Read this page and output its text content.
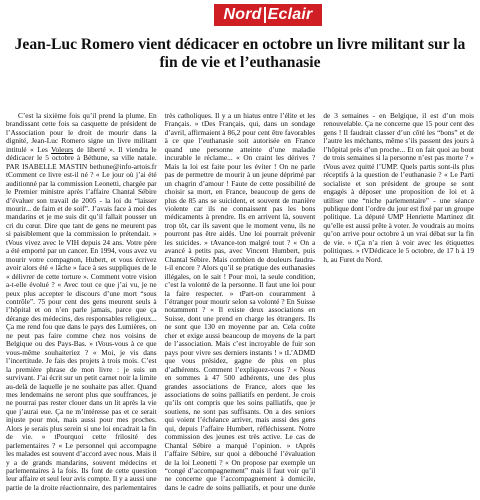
Nord Eclair
Jean-Luc Romero vient dédicacer en octobre un livre militant sur la fin de vie et l’euthanasie

C’est la sixième fois qu’il prend la plume. En brandissant cette fois sa casquette de président de l’Association pour le droit de mourir dans la dignité, Jean-Luc Romero signe un livre militant intitulé « Les Voleurs de liberté ». Il viendra le dédicacer le 5 octobre à Béthune, sa ville natale. PAR ISABELLE MASTIN bethune@info-artois.fr tComment ce livre est-il né ? « Le jour où j’ai été auditionné par la commission Leonetti, chargée par le Premier ministre après l’affaire Chantal Sébire d’évaluer son travail de 2005 - la loi du “laisser mourir... de faim et de soif”. J’avais face à moi des mandarins et je me suis dit qu’il fallait pousser un cri du cœur. Dire que tant de gens ne meurent pas si paisiblement que la commission le prétendait. » tVous vivez avec le VIH depuis 24 ans. Votre père a été emporté par un cancer. En 1994, vous avez vu mourir votre compagnon, Hubert, et vous écrivez avoir alors été « lâche » face à ses suppliques de le « délivrer de cette torture ». Comment votre vision a-t-elle évolué ? « Avec tout ce que j’ai vu, je ne peux plus accepter le discours d’une mort “sous contrôle”. 75 pour cent des gens meurent seuls à l’hôpital et on n’en parle jamais, parce que ça dérange des médecins, des responsables religieux... Ça me rend fou que dans le pays des Lumières, on ne peut pas faire comme chez nos voisins de Belgique ou des Pays-Bas. » tVous-vous à ce que vous-même souhaiteriez ? « Moi, je vis dans l’incertitude. Je fais des projets à trois mois. C’est la première phrase de mon livre : je suis un survivant. J’ai écrit sur un petit carnet noir la limite au-delà de laquelle je ne souhaite pas aller. Quand mes lendemains ne seront plus que souffrances, je ne pourrai pas rester clouer dans un lit après la vie que j’aurai eue. Ça ne m’intéresse pas et ce serait injuste pour moi, mais aussi pour mes proches. Alors je serais plus serein si une loi encadrait la fin de vie. » tPourquoi cette frilosité des parlementaires ? « Le personnel qui accompagne les malades est souvent d’accord avec nous. Mais il y a de grands mandarins, souvent médecins et parlementaires à la fois. Ils font de cette question leur affaire et seul leur avis compte. Il y a aussi une partie de la droite réactionnaire, des parlementaires très catholiques. Il y a un hiatus entre l’élite et les Français. » tDes Français, qui, dans un sondage d’avril, affirmaient à 86,2 pour cent être favorables à ce que l’euthanasie soit autorisée en France quand une personne atteinte d’une maladie incurable le réclame... « On craint les dérives ? Mais la loi est faite pour les éviter ! On ne parle pas de permettre de mourir à un jeune déprimé par un chagrin d’amour ! Faute de cette possibilité de choisir sa mort, en France, beaucoup de gens de plus de 85 ans se suicident, et souvent de manière violente car ils ne connaissent pas les bons médicaments à prendre. Ils en arrivent là, souvent trop tôt, car ils savent que le moment venu, ils ne pourront pas être aidés. Une loi pourrait prévenir les suicides. » tAvance-ton malgré tout ? « On a avancé à petits pas, avec Vincent Humbert, puis Chantal Sébire. Mais combien de douleurs faudra-t-il encore ? Alors qu’il se pratique des euthanasies illégales, on le sait ! Pour moi, la seule condition, c’est la volonté de la personne. Il faut une loi pour la faire respecter. » tPart-on couramment à l’étranger pour mourir selon sa volonté ? En Suisse notamment ? « Il existe deux associations en Suisse, dont une prend en charge les étrangers. Ils ne sont que 130 en moyenne par an. Cela coûte cher et exige aussi beaucoup de moyens de la part de l’association. Mais c’est incroyable de fuir son pays pour vivre ses derniers instants ! » tL’ADMD que vous présidez, gagne de plus en plus d’adhérents. Comment l’expliquez-vous ? « Nous en sommes à 47 500 adhérents, une des plus grandes associations de France, alors que les associations de soins palliatifs en perdent. Je crois qu’ils ont compris que les soins palliatifs, que je soutiens, ne sont pas suffisants. On a des seniors qui voient l’échéance arriver, mais aussi des gens qui, depuis l’affaire Humbert, réfléchissent. Notre commission des jeunes est très active. Le cas de Chantal Sébire a marqué l’opinion. » tAprès l’affaire Sébire, sur quoi a débouché l’évaluation de la loi Leonetti ? « On propose par exemple un “congé d’accompagnement” mais il faut voir qu’il ne concerne que l’accompagnement à domicile, dans le cadre de soins palliatifs, et pour une durée de 3 semaines - en Belgique, il est d’un mois renouvelable. Ça ne concerne que 15 pour cent des gens ! Il faudrait classer d’un côté les “bons” et de l’autre les méchants, même s’ils passent des jours à l’hôpital près d’un proche... Et on fait quoi au bout de trois semaines si la personne n’est pas morte ? » tVous avez quitté l’UMP. Quels partis sont-ils plus réceptifs à la question de l’euthanasie ? « Le Parti socialiste et son président de groupe se sont engagés à déposer une proposition de loi et à utiliser une “niche parlementaire” - une séance publique dont l’ordre du jour est fixé par un groupe politique. La député UMP Henriette Martinez dit qu’elle est aussi prête à voter. Je voudrais au moins qu’on arrive pour octobre à un vrai débat sur la fin de vie. » tÇa n’a rien à voir avec les étiquettes politiques. » tVDédicace le 5 octobre, de 17 h à 19 h, au Furet du Nord.
